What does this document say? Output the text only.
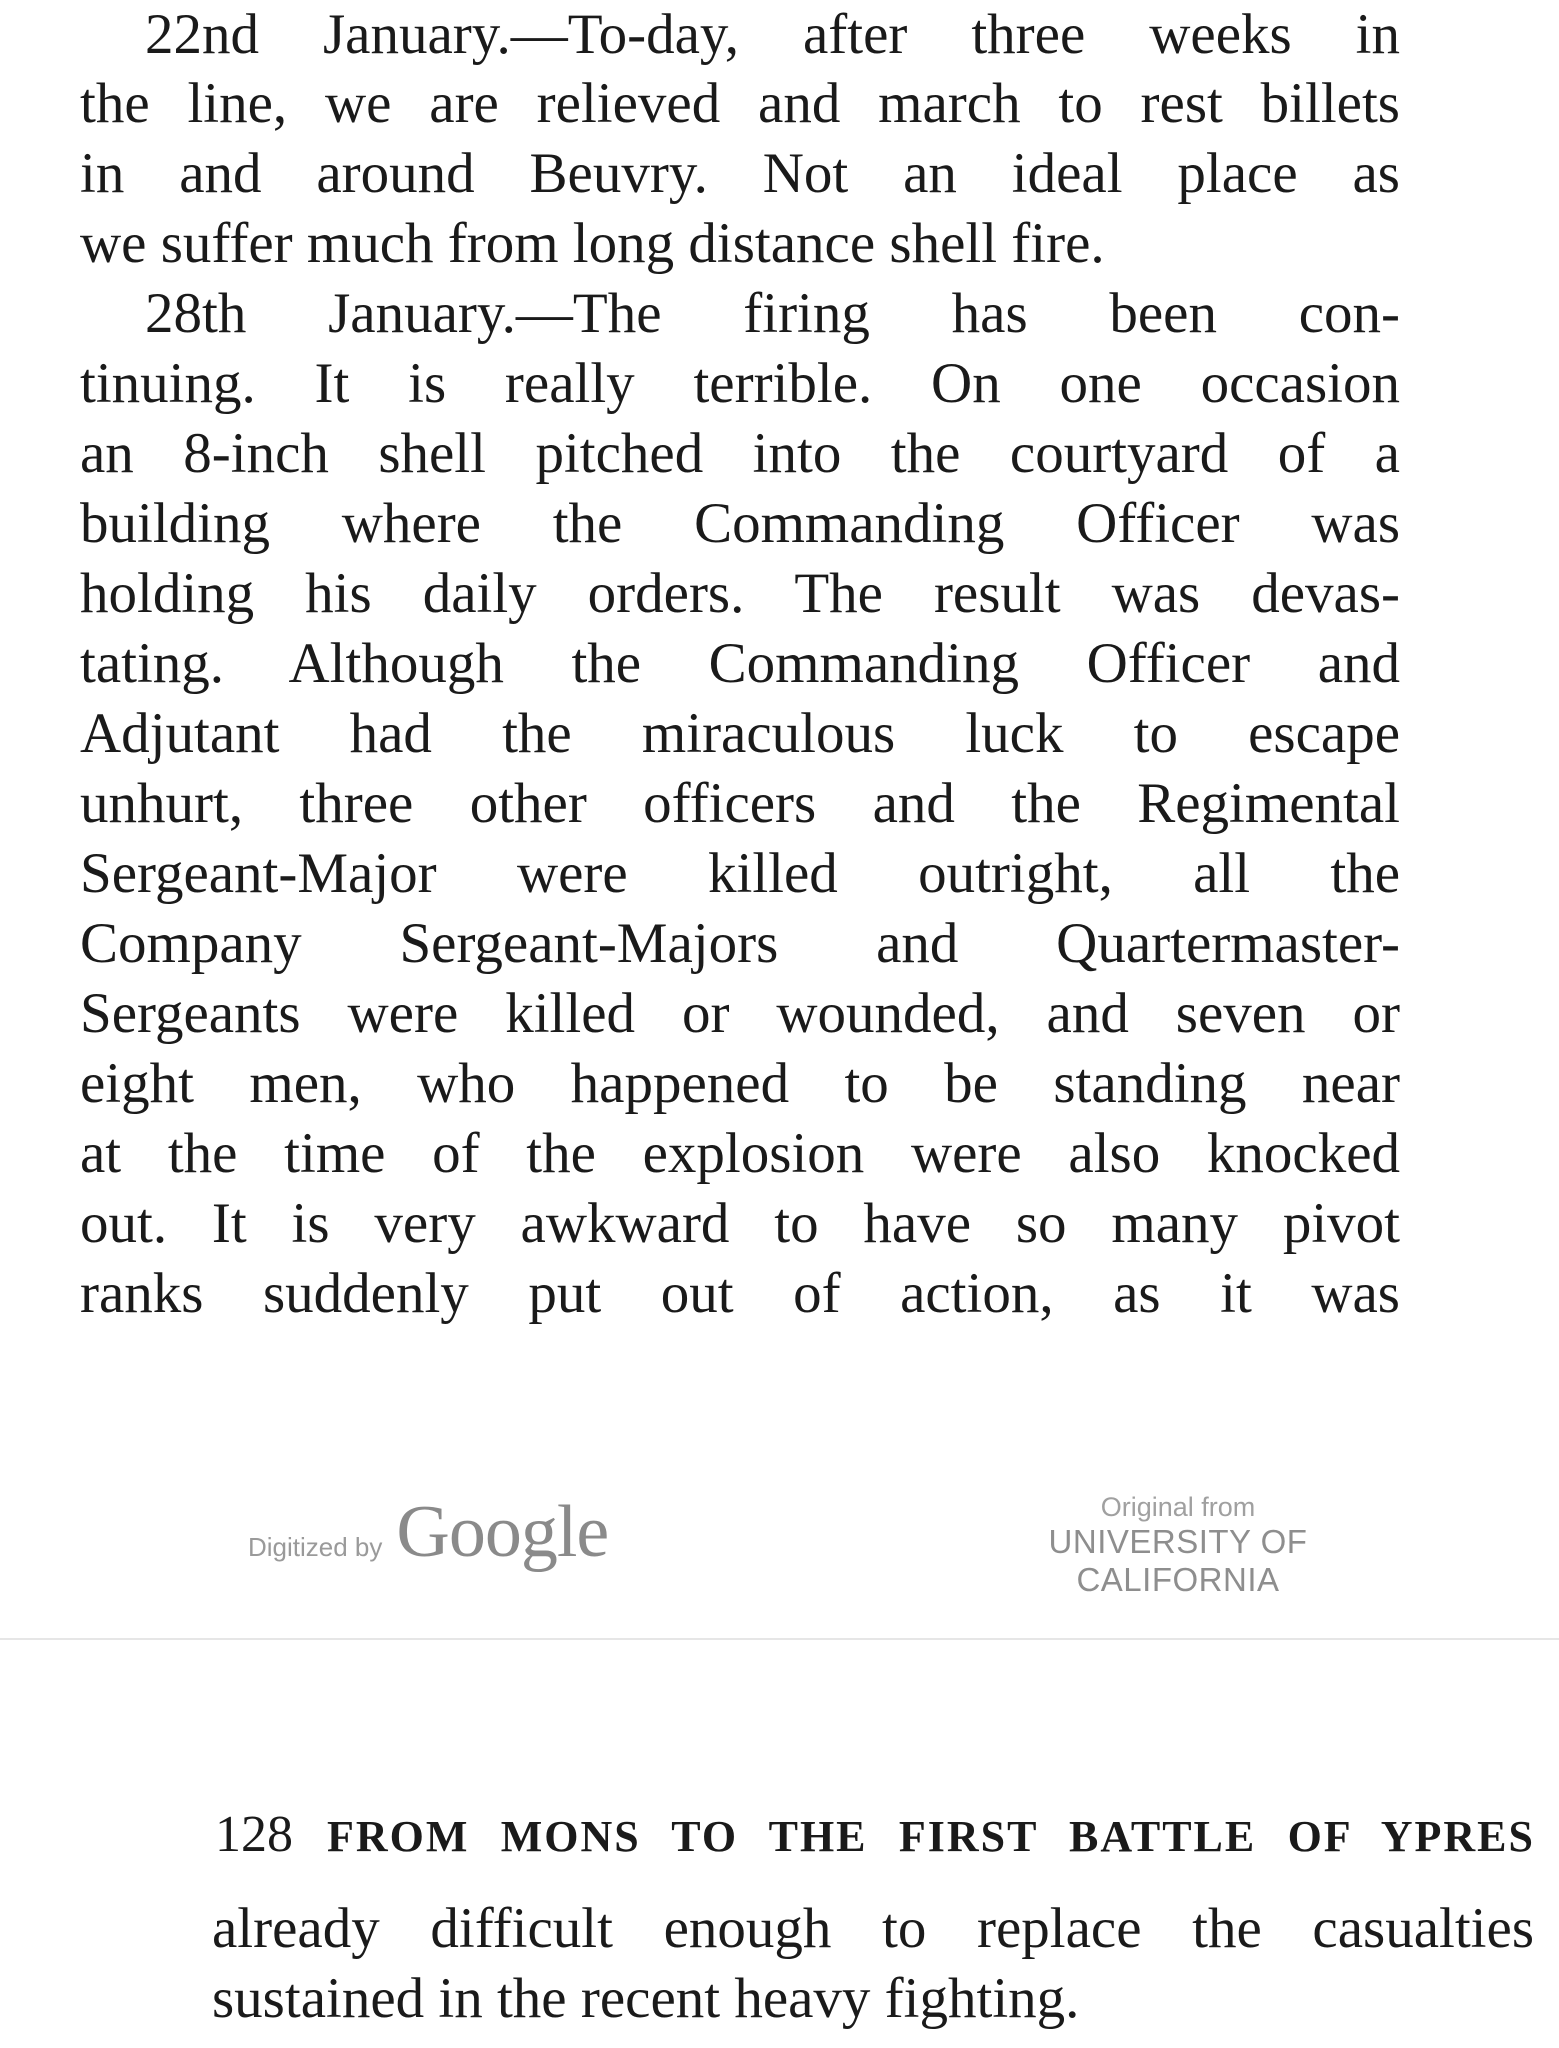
22nd January.—To-day, after three weeks in
the line, we are relieved and march to rest billets
in and around Beuvry. Not an ideal place as
we suffer much from long distance shell fire.
28th January.—The firing has been con-
tinuing. It is really terrible. On one occasion
an 8-inch shell pitched into the courtyard of a
building where the Commanding Officer was
holding his daily orders. The result was devas-
tating. Although the Commanding Officer and
Adjutant had the miraculous luck to escape
unhurt, three other officers and the Regimental
Sergeant-Major were killed outright, all the
Company Sergeant-Majors and Quartermaster-
Sergeants were killed or wounded, and seven or
eight men, who happened to be standing near
at the time of the explosion were also knocked
out. It is very awkward to have so many pivot
ranks suddenly put out of action, as it was
Digitized by Google	Original from
UNIVERSITY OF CALIFORNIA
128 FROM MONS TO THE FIRST BATTLE OF YPRES
already difficult enough to replace the casualties
sustained in the recent heavy fighting.
